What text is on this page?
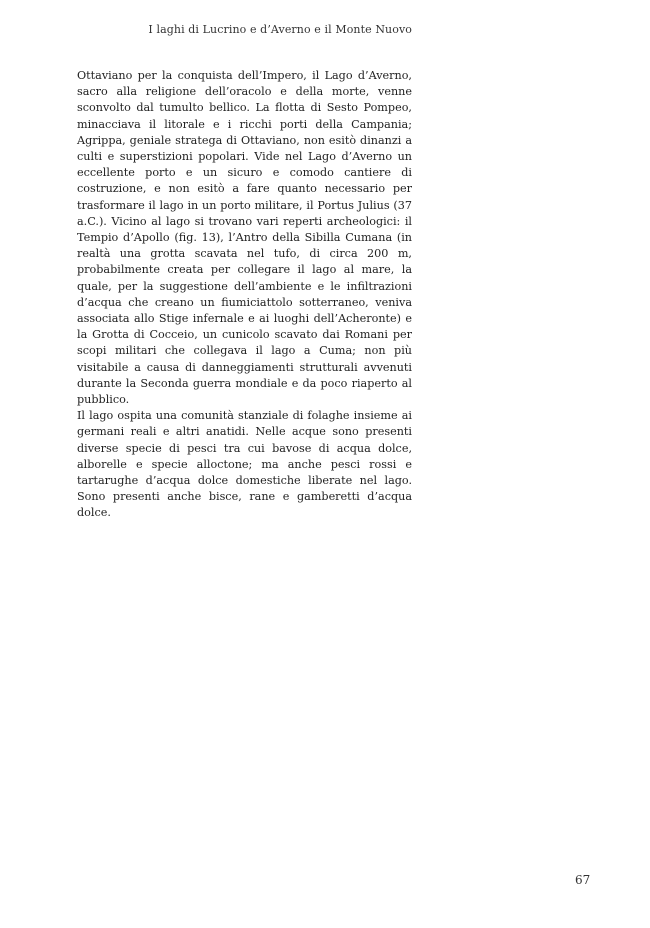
I laghi di Lucrino e d’Averno e il Monte Nuovo

Ottaviano per la conquista dell’Impero, il Lago d’Averno, sacro alla religione dell’oracolo e della morte, venne sconvolto dal tumulto bellico. La flotta di Sesto Pompeo, minacciava il litorale e i ricchi porti della Campania; Agrippa, geniale stratega di Ottaviano, non esitò dinanzi a culti e superstizioni popolari. Vide nel Lago d’Averno un eccellente porto e un sicuro e comodo cantiere di costruzione, e non esitò a fare quanto necessario per trasformare il lago in un porto militare, il Portus Julius (37 a.C.). Vicino al lago si trovano vari reperti archeologici: il Tempio d’Apollo (fig. 13), l’Antro della Sibilla Cumana (in realtà una grotta scavata nel tufo, di circa 200 m, probabilmente creata per collegare il lago al mare, la quale, per la suggestione dell’ambiente e le infiltrazioni d’acqua che creano un fiumiciattolo sotterraneo, veniva associata allo Stige infernale e ai luoghi dell’Acheronte) e la Grotta di Cocceio, un cunicolo scavato dai Romani per scopi militari che collegava il lago a Cuma; non più visitabile a causa di danneggiamenti strutturali avvenuti durante la Seconda guerra mondiale e da poco riaperto al pubblico.

Il lago ospita una comunità stanziale di folaghe insieme ai germani reali e altri anatidi. Nelle acque sono presenti diverse specie di pesci tra cui bavose di acqua dolce, alborelle e specie alloctone; ma anche pesci rossi e tartarughe d’acqua dolce domestiche liberate nel lago. Sono presenti anche bisce, rane e gamberetti d’acqua dolce.

67
